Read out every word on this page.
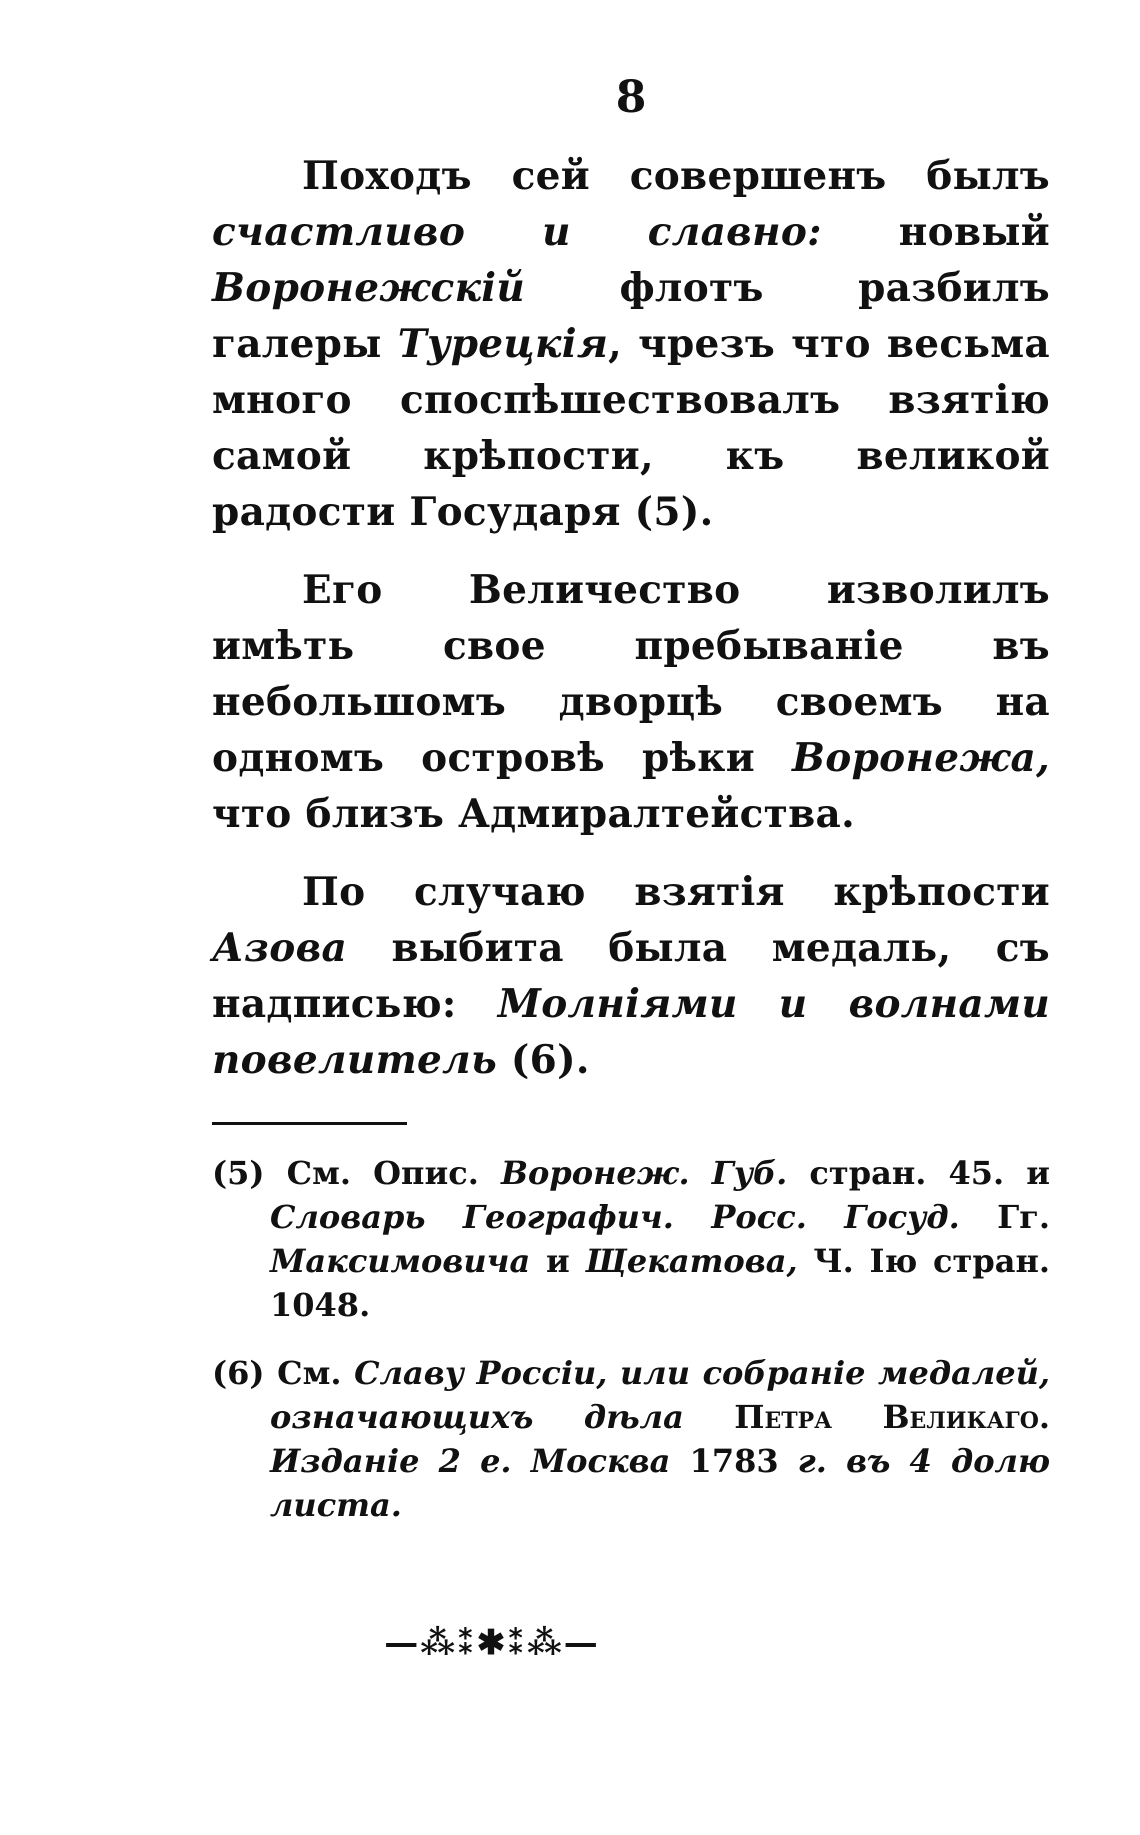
8

Походъ сей совершенъ былъ счастливо и славно: новый Воронежскій флотъ разбилъ галеры Турецкія, чрезъ что весьма много споспѣшествовалъ взятію самой крѣпости, къ великой радости Государя (5).

Его Величество изволилъ имѣть свое пребываніе въ небольшомъ дворцѣ своемъ на одномъ островѣ рѣки Воронежа, что близъ Адмиралтейства.

По случаю взятія крѣпости Азова выбита была медаль, съ надписью: Молніями и волнами повелитель (6).

(5) См. Опис. Воронеж. Губ. стран. 45. и Словарь Географич. Росс. Госуд. Гг. Максимовича и Щекатова, Ч. Iю стран. 1048.

(6) См. Славу Россіи, или собраніе медалей, означающихъ дѣла Петра Великаго. Изданіе 2 е. Москва 1783 г. въ 4 долю листа.

—⁂⁑✱⁑⁂—
